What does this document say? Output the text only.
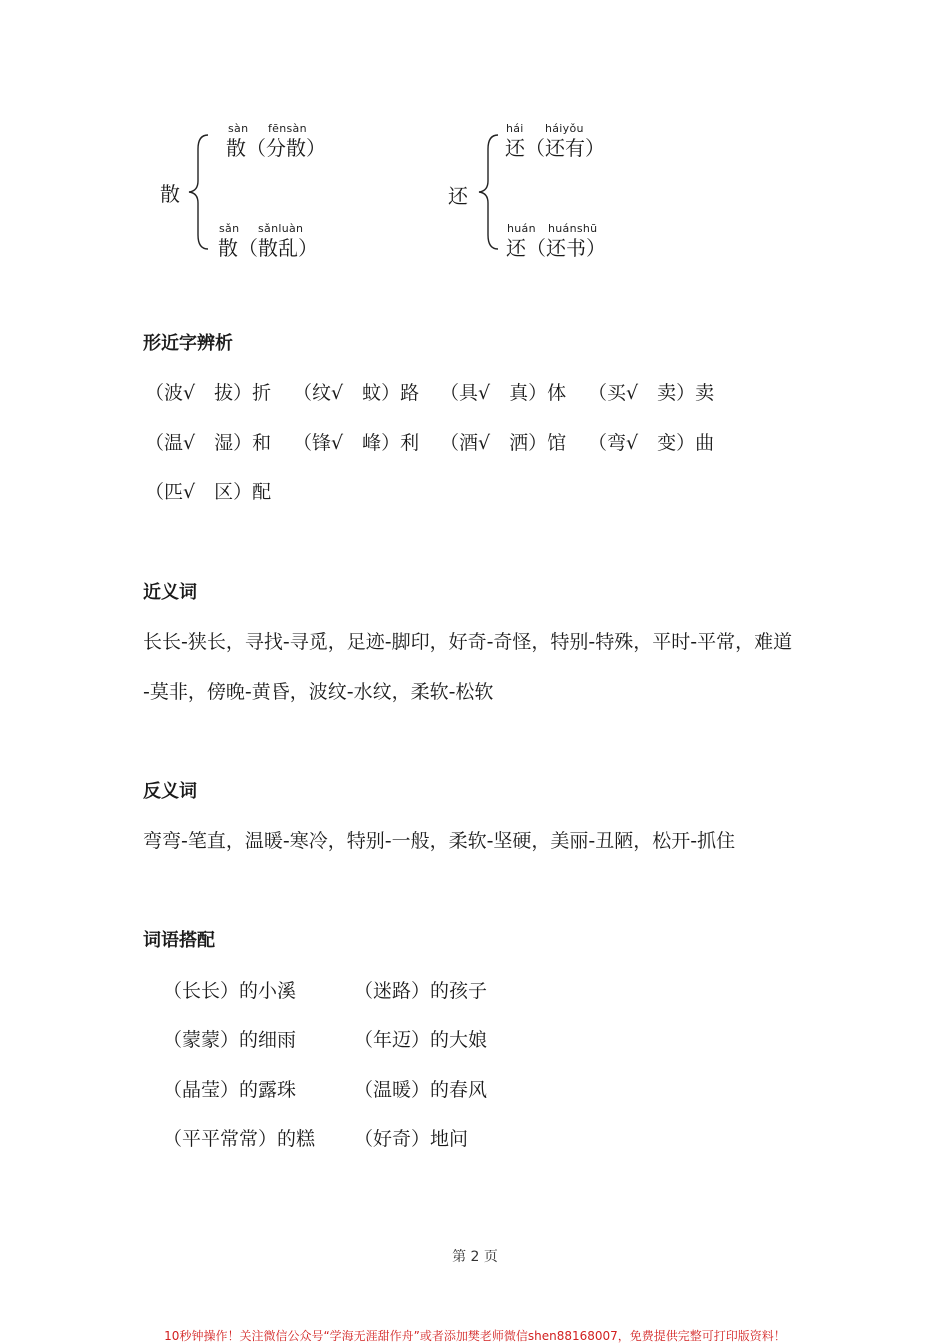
散
sàn fēnsàn
散（分散）
sǎn sǎnluàn
散（散乱）
还
hái háiyǒu
还（还有）
huán huánshū
还（还书）
形近字辨析
（波√　拔）折 （纹√　蚊）路 （具√　真）体 （买√　卖）卖
（温√　湿）和 （锋√　峰）利 （酒√　洒）馆 （弯√　变）曲
（匹√　区）配
近义词
长长-狭长，寻找-寻觅，足迹-脚印，好奇-奇怪，特别-特殊，平时-平常，难道
-莫非，傍晚-黄昏，波纹-水纹，柔软-松软
反义词
弯弯-笔直，温暖-寒冷，特别-一般，柔软-坚硬，美丽-丑陋，松开-抓住
词语搭配
（长长）的小溪	（迷路）的孩子
（蒙蒙）的细雨	（年迈）的大娘
（晶莹）的露珠	（温暖）的春风
（平平常常）的糕 （好奇）地问
第 2 页
10秒钟操作！关注微信公众号“学海无涯甜作舟”或者添加樊老师微信shen88168007，免费提供完整可打印版资料！
